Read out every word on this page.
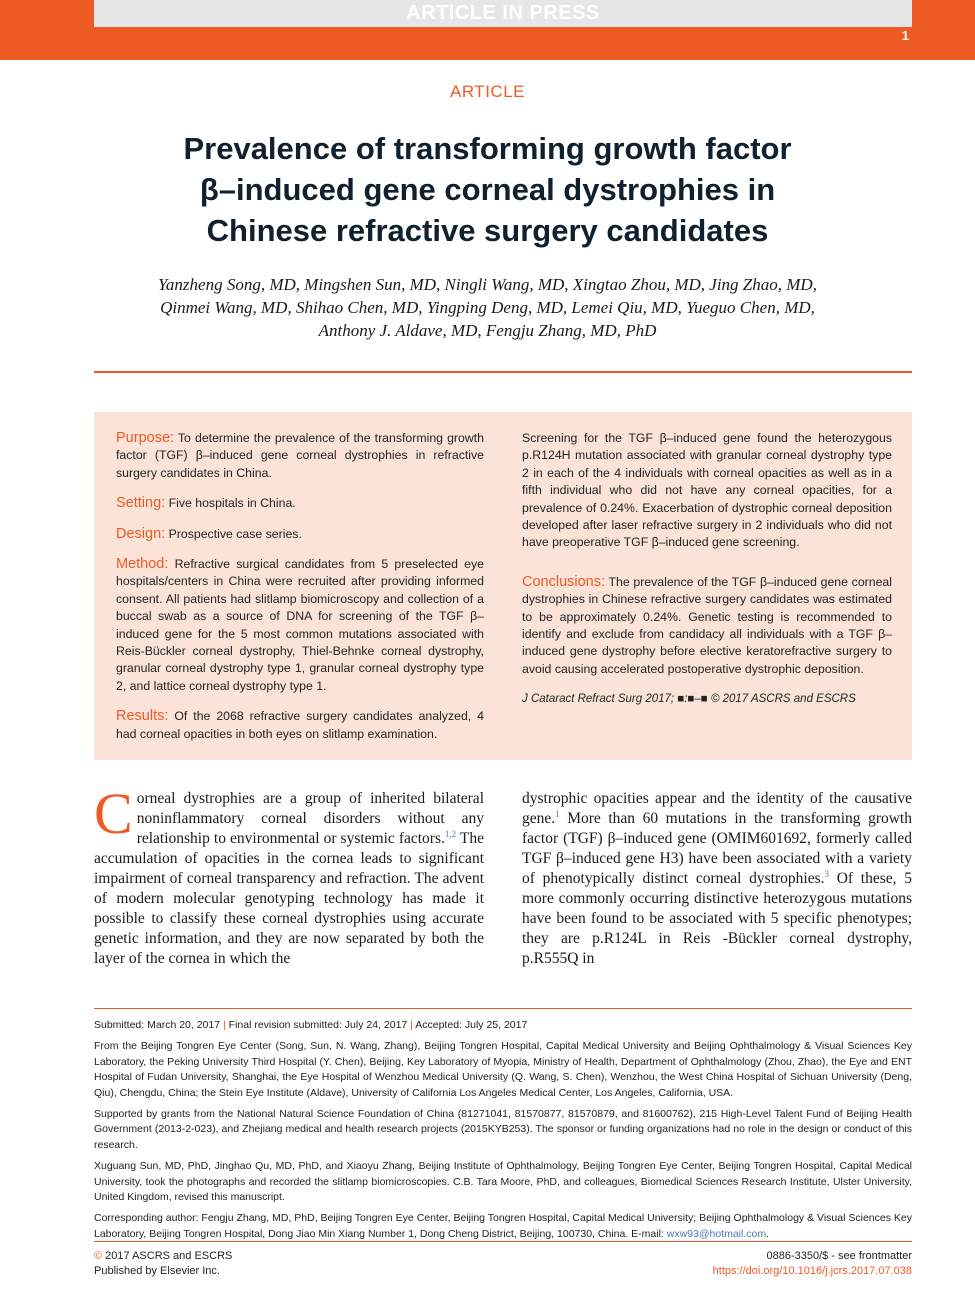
ARTICLE IN PRESS
1
ARTICLE
Prevalence of transforming growth factor
β–induced gene corneal dystrophies in
Chinese refractive surgery candidates
Yanzheng Song, MD, Mingshen Sun, MD, Ningli Wang, MD, Xingtao Zhou, MD, Jing Zhao, MD,
Qinmei Wang, MD, Shihao Chen, MD, Yingping Deng, MD, Lemei Qiu, MD, Yueguo Chen, MD,
Anthony J. Aldave, MD, Fengju Zhang, MD, PhD

Purpose: To determine the prevalence of the transforming growth factor (TGF) β–induced gene corneal dystrophies in refractive surgery candidates in China.

Setting: Five hospitals in China.

Design: Prospective case series.

Method: Refractive surgical candidates from 5 preselected eye hospitals/centers in China were recruited after providing informed consent. All patients had slitlamp biomicroscopy and collection of a buccal swab as a source of DNA for screening of the TGF β–induced gene for the 5 most common mutations associated with Reis-Bückler corneal dystrophy, Thiel-Behnke corneal dystrophy, granular corneal dystrophy type 1, granular corneal dystrophy type 2, and lattice corneal dystrophy type 1.

Results: Of the 2068 refractive surgery candidates analyzed, 4 had corneal opacities in both eyes on slitlamp examination.

Screening for the TGF β–induced gene found the heterozygous p.R124H mutation associated with granular corneal dystrophy type 2 in each of the 4 individuals with corneal opacities as well as in a fifth individual who did not have any corneal opacities, for a prevalence of 0.24%. Exacerbation of dystrophic corneal deposition developed after laser refractive surgery in 2 individuals who did not have preoperative TGF β–induced gene screening.

Conclusions: The prevalence of the TGF β–induced gene corneal dystrophies in Chinese refractive surgery candidates was estimated to be approximately 0.24%. Genetic testing is recommended to identify and exclude from candidacy all individuals with a TGF β–induced gene dystrophy before elective keratorefractive surgery to avoid causing accelerated postoperative dystrophic deposition.

J Cataract Refract Surg 2017; ■:■–■ © 2017 ASCRS and ESCRS

Corneal dystrophies are a group of inherited bilateral noninflammatory corneal disorders without any relationship to environmental or systemic factors.$^{1,2}$ The accumulation of opacities in the cornea leads to significant impairment of corneal transparency and refraction. The advent of modern molecular genotyping technology has made it possible to classify these corneal dystrophies using accurate genetic information, and they are now separated by both the layer of the cornea in which the
dystrophic opacities appear and the identity of the causative gene.$^1$ More than 60 mutations in the transforming growth factor (TGF) β–induced gene (OMIM601692, formerly called TGF β–induced gene H3) have been associated with a variety of phenotypically distinct corneal dystrophies.$^3$ Of these, 5 more commonly occurring distinctive heterozygous mutations have been found to be associated with 5 specific phenotypes; they are p.R124L in Reis -Bückler corneal dystrophy, p.R555Q in

Submitted: March 20, 2017 | Final revision submitted: July 24, 2017 | Accepted: July 25, 2017

From the Beijing Tongren Eye Center (Song, Sun, N. Wang, Zhang), Beijing Tongren Hospital, Capital Medical University and Beijing Ophthalmology & Visual Sciences Key Laboratory, the Peking University Third Hospital (Y. Chen), Beijing, Key Laboratory of Myopia, Ministry of Health, Department of Ophthalmology (Zhou, Zhao), the Eye and ENT Hospital of Fudan University, Shanghai, the Eye Hospital of Wenzhou Medical University (Q. Wang, S. Chen), Wenzhou, the West China Hospital of Sichuan University (Deng, Qiu), Chengdu, China; the Stein Eye Institute (Aldave), University of California Los Angeles Medical Center, Los Angeles, California, USA.

Supported by grants from the National Natural Science Foundation of China (81271041, 81570877, 81570879, and 81600762), 215 High-Level Talent Fund of Beijing Health Government (2013-2-023), and Zhejiang medical and health research projects (2015KYB253). The sponsor or funding organizations had no role in the design or conduct of this research.

Xuguang Sun, MD, PhD, Jinghao Qu, MD, PhD, and Xiaoyu Zhang, Beijing Institute of Ophthalmology, Beijing Tongren Eye Center, Beijing Tongren Hospital, Capital Medical University, took the photographs and recorded the slitlamp biomicroscopies. C.B. Tara Moore, PhD, and colleagues, Biomedical Sciences Research Institute, Ulster University, United Kingdom, revised this manuscript.

Corresponding author: Fengju Zhang, MD, PhD, Beijing Tongren Eye Center, Beijing Tongren Hospital, Capital Medical University; Beijing Ophthalmology & Visual Sciences Key Laboratory, Beijing Tongren Hospital, Dong Jiao Min Xiang Number 1, Dong Cheng District, Beijing, 100730, China. E-mail: wxw93@hotmail.com.

© 2017 ASCRS and ESCRS
Published by Elsevier Inc.
0886-3350/$ - see frontmatter
https://doi.org/10.1016/j.jcrs.2017.07.038
